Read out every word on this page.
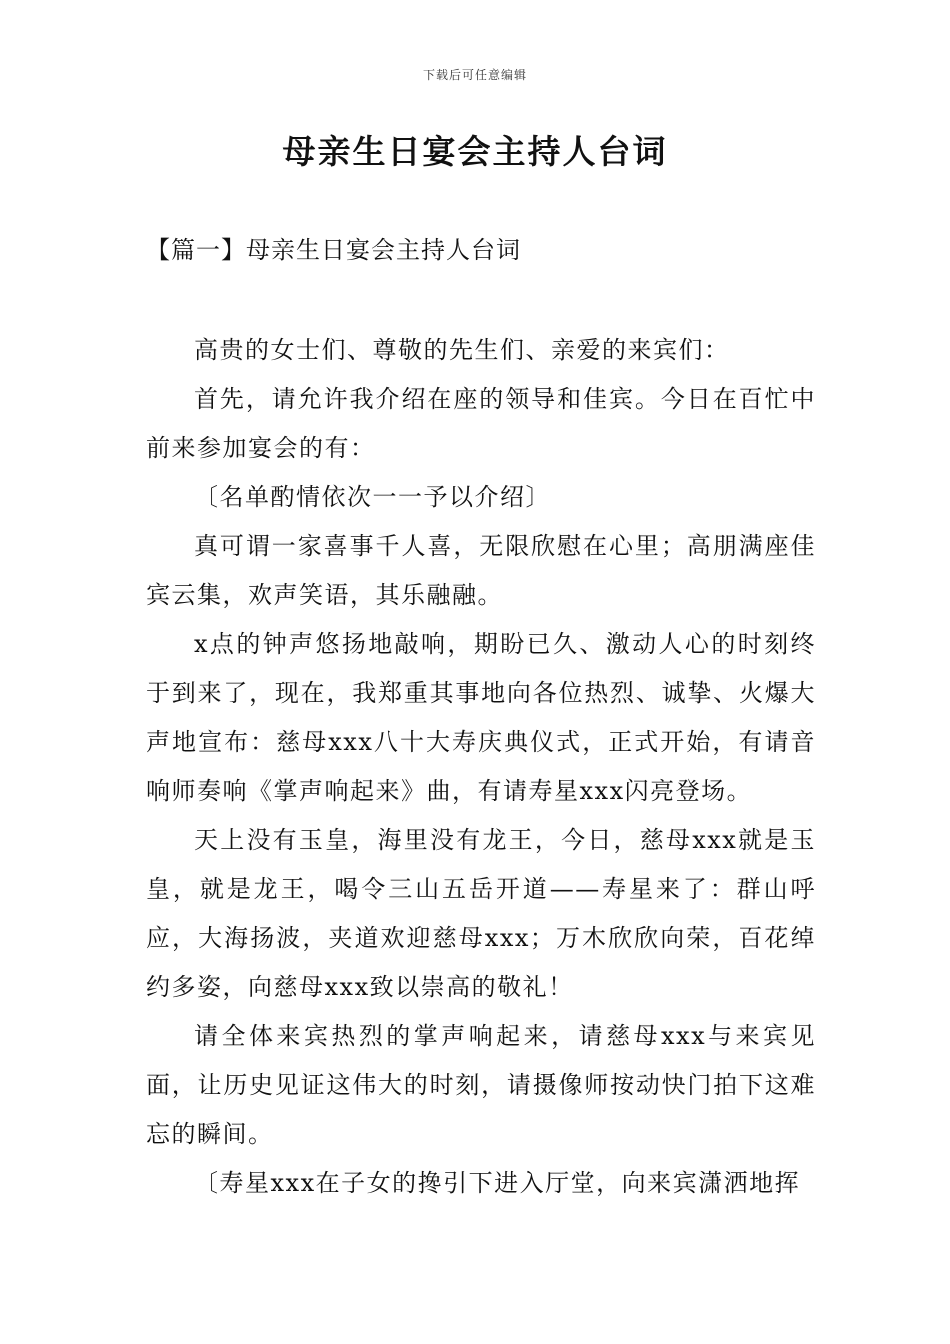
下载后可任意编辑
母亲生日宴会主持人台词
【篇一】母亲生日宴会主持人台词

高贵的女士们、尊敬的先生们、亲爱的来宾们：

首先，请允许我介绍在座的领导和佳宾。今日在百忙中前来参加宴会的有：

〔名单酌情依次一一予以介绍〕

真可谓一家喜事千人喜，无限欣慰在心里；高朋满座佳宾云集，欢声笑语，其乐融融。

x点的钟声悠扬地敲响，期盼已久、激动人心的时刻终于到来了，现在，我郑重其事地向各位热烈、诚挚、火爆大声地宣布：慈母xxx八十大寿庆典仪式，正式开始，有请音响师奏响《掌声响起来》曲，有请寿星xxx闪亮登场。

天上没有玉皇，海里没有龙王，今日，慈母xxx就是玉皇，就是龙王，喝令三山五岳开道——寿星来了：群山呼应，大海扬波，夹道欢迎慈母xxx；万木欣欣向荣，百花绰约多姿，向慈母xxx致以崇高的敬礼！

请全体来宾热烈的掌声响起来，请慈母xxx与来宾见面，让历史见证这伟大的时刻，请摄像师按动快门拍下这难忘的瞬间。

〔寿星xxx在子女的搀引下进入厅堂，向来宾潇洒地挥
